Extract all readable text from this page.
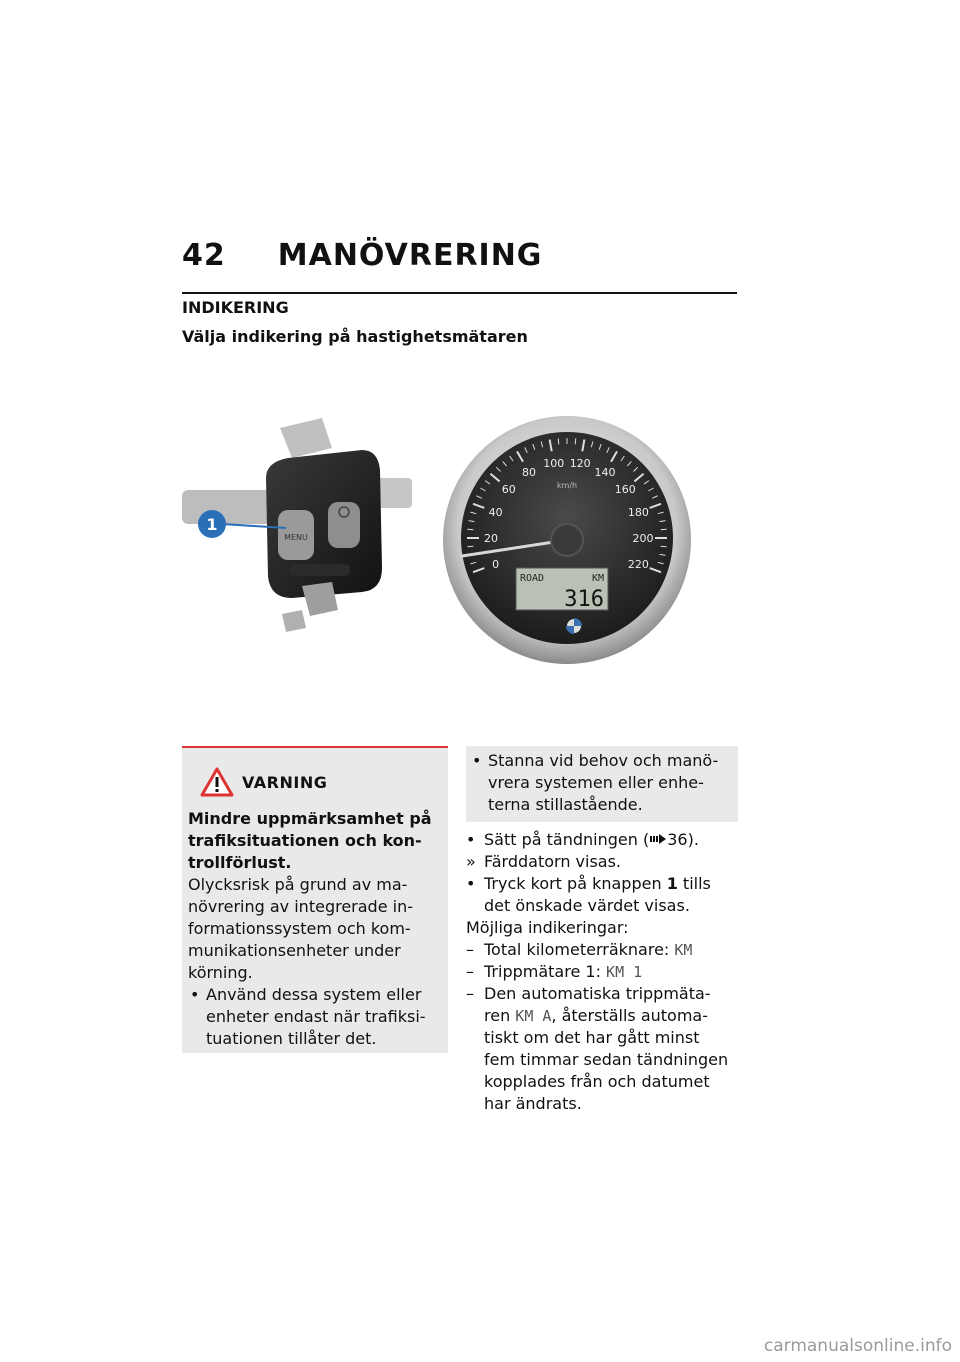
42 MANÖVRERING
INDIKERING
Välja indikering på hastighetsmätaren
MENU
1
0
20
40
60
80
100 120
140
160
180
200
220
km/h
ROAD	KM
316
VARNING
Mindre uppmärksamhet på
trafiksituationen och kon-
trollförlust.
Olycksrisk på grund av ma-
növrering av integrerade in-
formationssystem och kom-
munikationsenheter under
körning.
• Använd dessa system eller
enheter endast när trafiksi-
tuationen tillåter det.
• Stanna vid behov och manö-
vrera systemen eller enhe-
terna stillastående.
• Sätt på tändningen ( 36).
» Färddatorn visas.
• Tryck kort på knappen 1 tills
det önskade värdet visas.
Möjliga indikeringar:
– Total kilometerräknare: KM
– Trippmätare 1: KM 1
– Den automatiska trippmäta-
ren KM A, återställs automa-
tiskt om det har gått minst
fem timmar sedan tändningen
kopplades från och datumet
har ändrats.
carmanualsonline.info
